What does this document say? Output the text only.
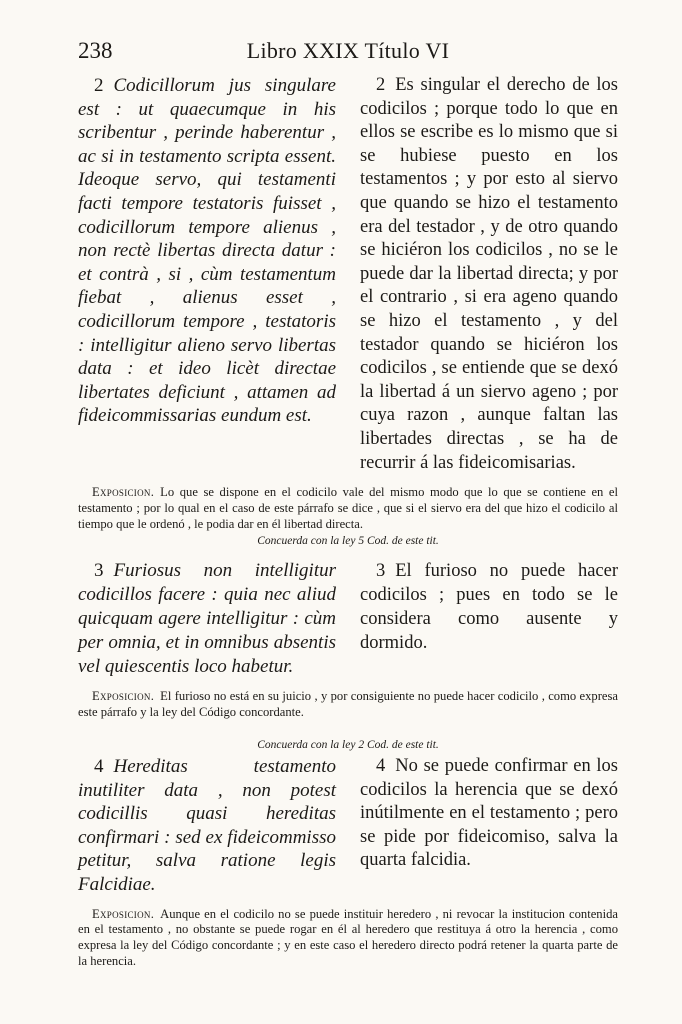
238	Libro XXIX Título VI
2 Codicillorum jus singulare est : ut quaecumque in his scribentur , perinde haberentur , ac si in testamento scripta essent. Ideoque servo, qui testamenti facti tempore testatoris fuisset , codicillorum tempore alienus , non rectè libertas directa datur : et contrà , si , cùm testamentum fiebat , alienus esset , codicillorum tempore , testatoris : intelligitur alieno servo libertas data : et ideo licèt directae libertates deficiunt , attamen ad fideicommissarias eundum est.
2 Es singular el derecho de los codicilos ; porque todo lo que en ellos se escribe es lo mismo que si se hubiese puesto en los testamentos ; y por esto al siervo que quando se hizo el testamento era del testador , y de otro quando se hiciéron los codicilos , no se le puede dar la libertad directa; y por el contrario , si era ageno quando se hizo el testamento , y del testador quando se hiciéron los codicilos , se entiende que se dexó la libertad á un siervo ageno ; por cuya razon , aunque faltan las libertades directas , se ha de recurrir á las fideicomisarias.
Exposicion. Lo que se dispone en el codicilo vale del mismo modo que lo que se contiene en el testamento ; por lo qual en el caso de este párrafo se dice , que si el siervo era del que hizo el codicilo al tiempo que le ordenó , le podia dar en él libertad directa.
Concuerda con la ley 5 Cod. de este tit.
3 Furiosus non intelligitur codicillos facere : quia nec aliud quicquam agere intelligitur : cùm per omnia, et in omnibus absentis vel quiescentis loco habetur.
3 El furioso no puede hacer codicilos ; pues en todo se le considera como ausente y dormido.
Exposicion. El furioso no está en su juicio , y por consiguiente no puede hacer codicilo , como expresa este párrafo y la ley del Código concordante.
Concuerda con la ley 2 Cod. de este tit.
4 Hereditas testamento inutiliter data , non potest codicillis quasi hereditas confirmari : sed ex fideicommisso petitur, salva ratione legis Falcidiae.
4 No se puede confirmar en los codicilos la herencia que se dexó inútilmente en el testamento ; pero se pide por fideicomiso, salva la quarta falcidia.
Exposicion. Aunque en el codicilo no se puede instituir heredero , ni revocar la institucion contenida en el testamento , no obstante se puede rogar en él al heredero que restituya á otro la herencia , como expresa la ley del Código concordante ; y en este caso el heredero directo podrá retener la quarta parte de la herencia.
